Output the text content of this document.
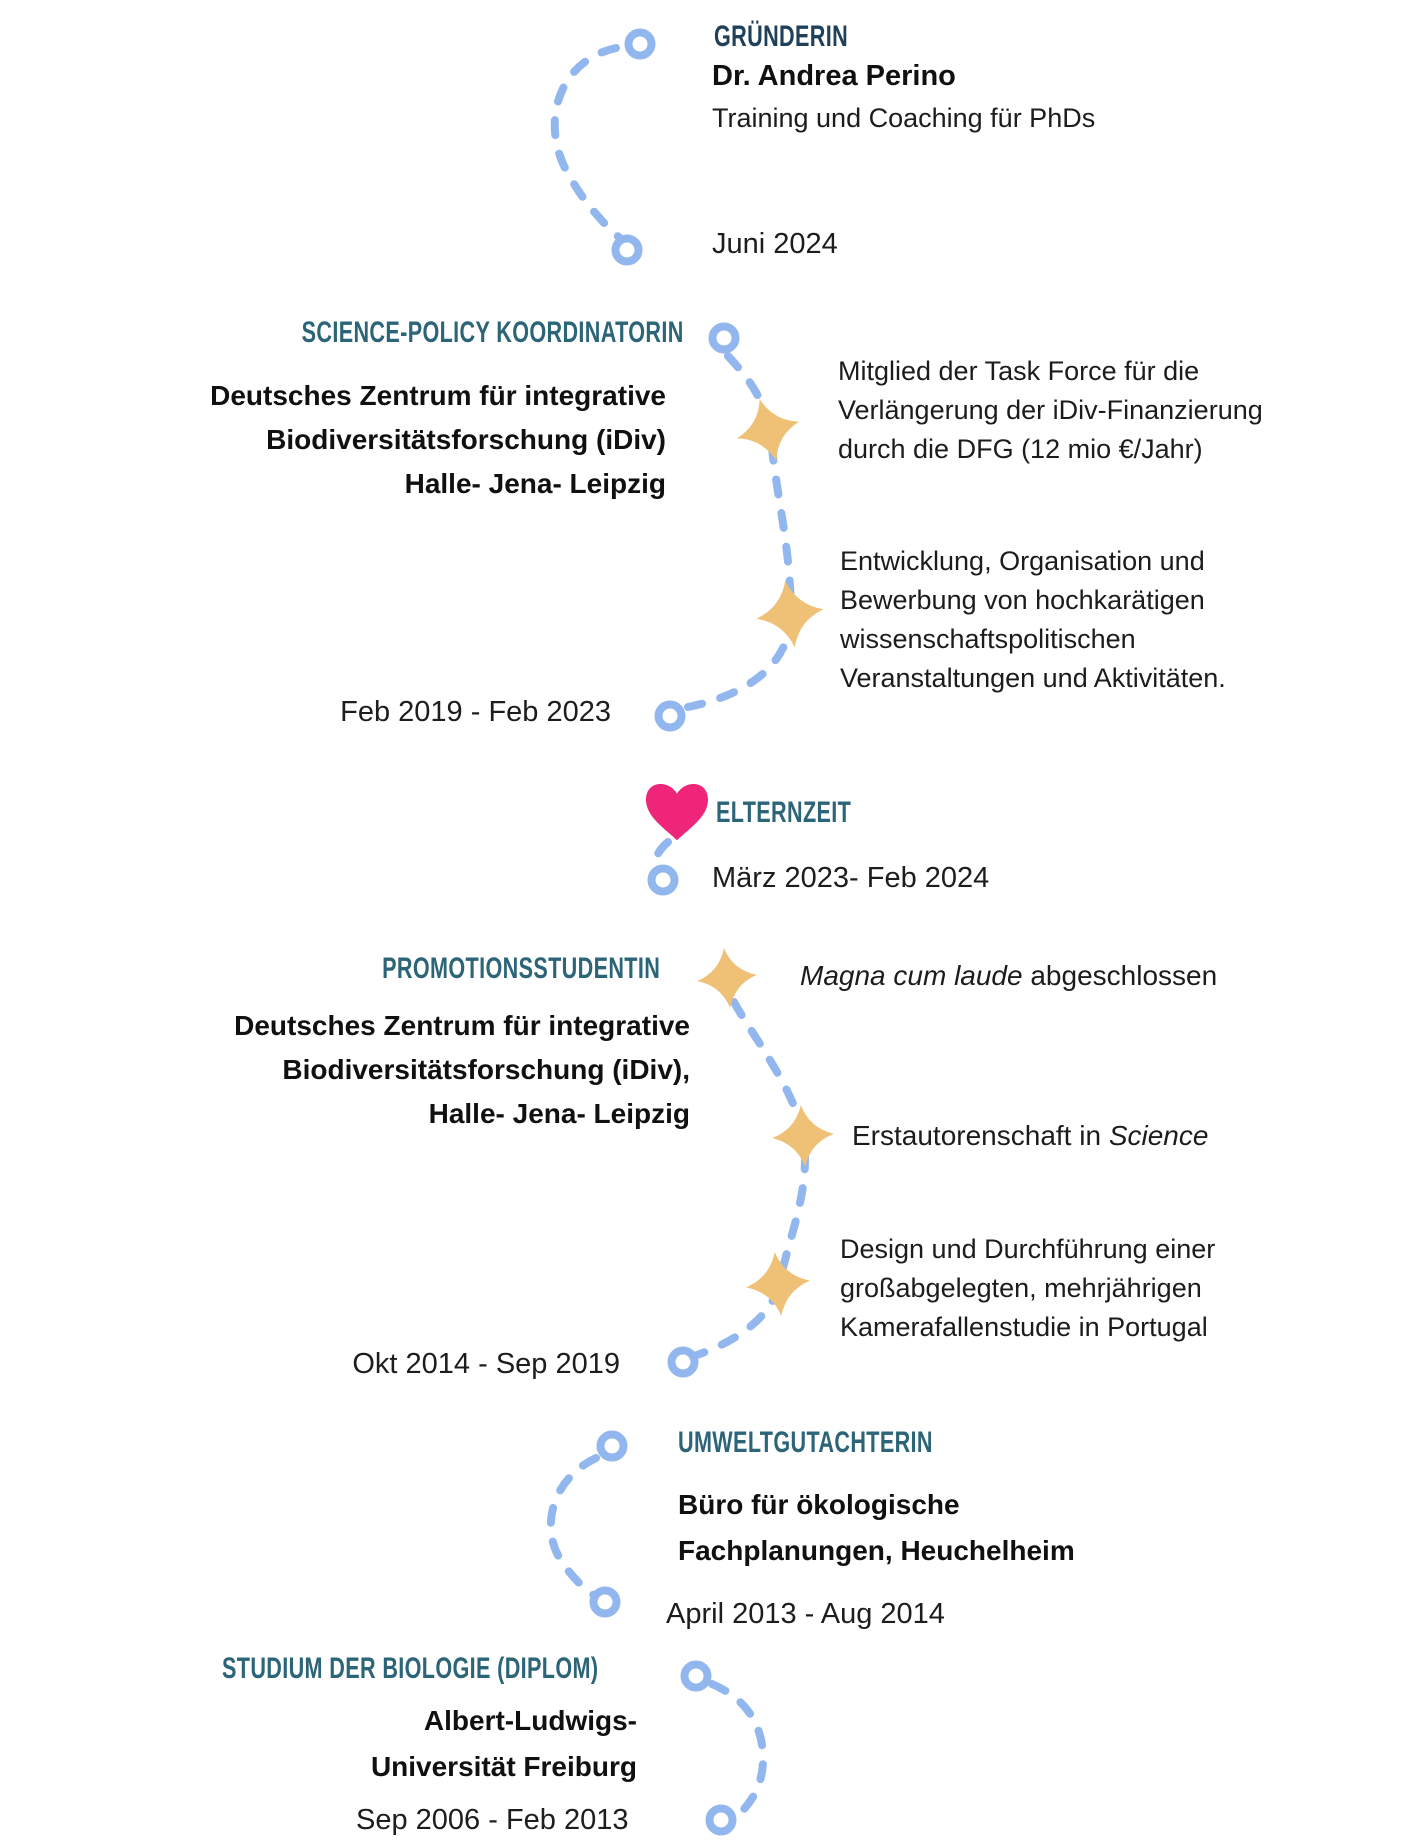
GRÜNDERIN
Dr. Andrea Perino
Training und Coaching für PhDs
Juni 2024
SCIENCE-POLICY KOORDINATORIN
Deutsches Zentrum für integrative
Biodiversitätsforschung (iDiv)
Halle- Jena- Leipzig
Mitglied der Task Force für die
Verlängerung der iDiv-Finanzierung
durch die DFG (12 mio €/Jahr)
Entwicklung, Organisation und
Bewerbung von hochkarätigen
wissenschaftspolitischen
Veranstaltungen und Aktivitäten.
Feb 2019 - Feb 2023
ELTERNZEIT
März 2023- Feb 2024
PROMOTIONSSTUDENTIN	Magna cum laude abgeschlossen
Deutsches Zentrum für integrative
Biodiversitätsforschung (iDiv),
Halle- Jena- Leipzig
Erstautorenschaft in Science
Design und Durchführung einer
großabgelegten, mehrjährigen
Kamerafallenstudie in Portugal
Okt 2014 - Sep 2019
UMWELTGUTACHTERIN
Büro für ökologische
Fachplanungen, Heuchelheim
April 2013 - Aug 2014
STUDIUM DER BIOLOGIE (DIPLOM)
Albert-Ludwigs-
Universität Freiburg
Sep 2006 - Feb 2013
